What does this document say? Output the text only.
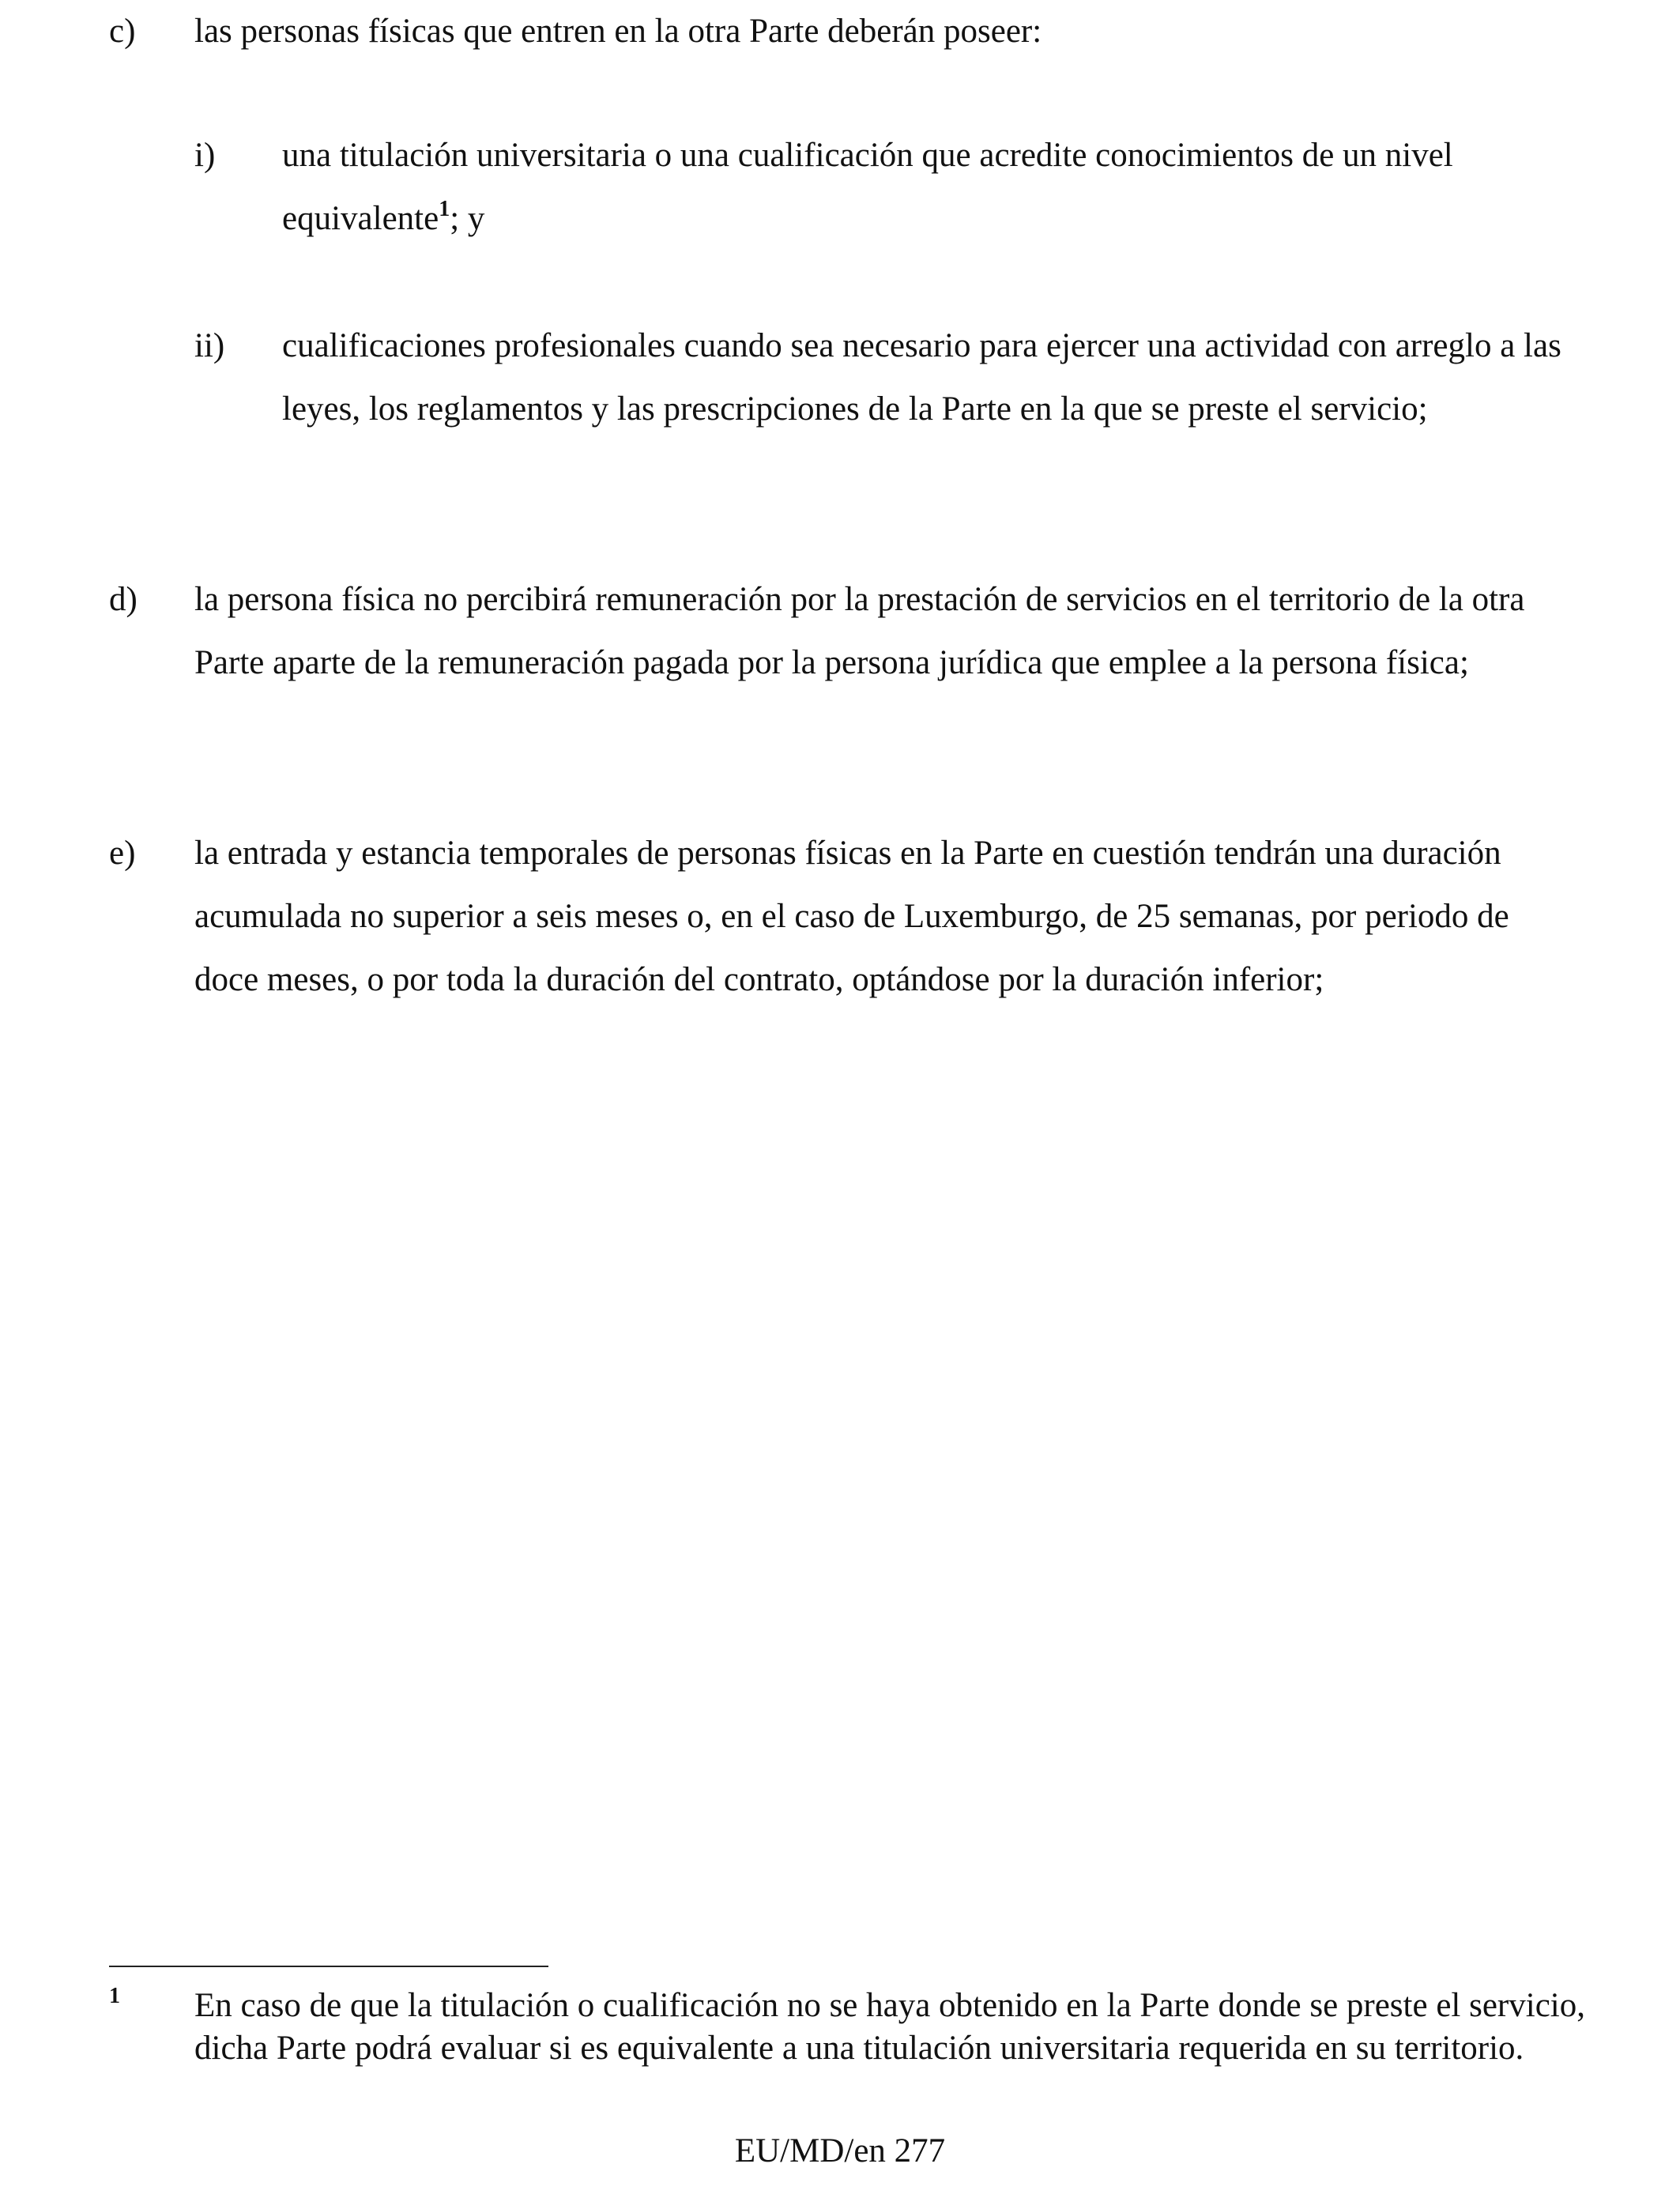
c) las personas físicas que entren en la otra Parte deberán poseer:
i) una titulación universitaria o una cualificación que acredite conocimientos de un nivel equivalente$^1$; y
ii) cualificaciones profesionales cuando sea necesario para ejercer una actividad con arreglo a las leyes, los reglamentos y las prescripciones de la Parte en la que se preste el servicio;
d) la persona física no percibirá remuneración por la prestación de servicios en el territorio de la otra Parte aparte de la remuneración pagada por la persona jurídica que emplee a la persona física;
e) la entrada y estancia temporales de personas físicas en la Parte en cuestión tendrán una duración acumulada no superior a seis meses o, en el caso de Luxemburgo, de 25 semanas, por periodo de doce meses, o por toda la duración del contrato, optándose por la duración inferior;
1 En caso de que la titulación o cualificación no se haya obtenido en la Parte donde se preste el servicio, dicha Parte podrá evaluar si es equivalente a una titulación universitaria requerida en su territorio.
EU/MD/en 277
